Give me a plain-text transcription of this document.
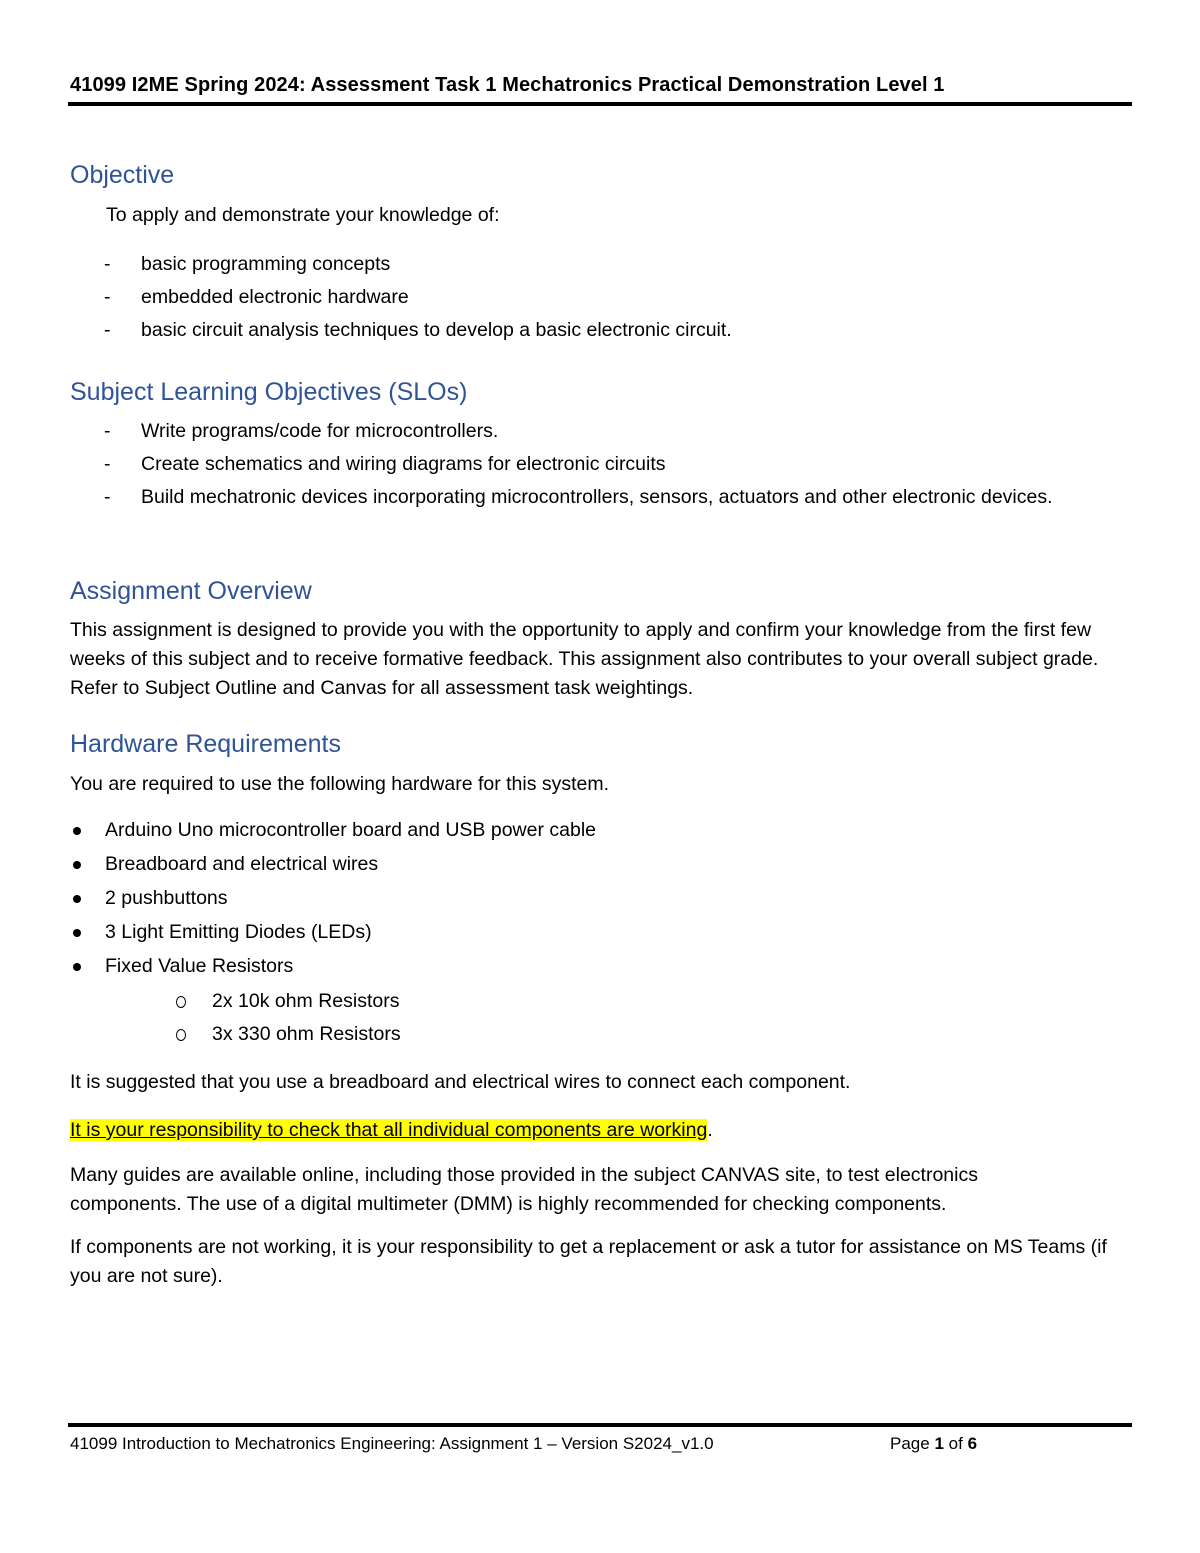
41099 I2ME Spring 2024: Assessment Task 1 Mechatronics Practical Demonstration Level 1
Objective

To apply and demonstrate your knowledge of:

- basic programming concepts
- embedded electronic hardware
- basic circuit analysis techniques to develop a basic electronic circuit.
Subject Learning Objectives (SLOs)
- Write programs/code for microcontrollers.
- Create schematics and wiring diagrams for electronic circuits
- Build mechatronic devices incorporating microcontrollers, sensors, actuators and other electronic devices.
Assignment Overview

This assignment is designed to provide you with the opportunity to apply and confirm your knowledge from the first few weeks of this subject and to receive formative feedback. This assignment also contributes to your overall subject grade. Refer to Subject Outline and Canvas for all assessment task weightings.

Hardware Requirements

You are required to use the following hardware for this system.

Arduino Uno microcontroller board and USB power cable
Breadboard and electrical wires
2 pushbuttons
3 Light Emitting Diodes (LEDs)
Fixed Value Resistors
2x 10k ohm Resistors
3x 330 ohm Resistors

It is suggested that you use a breadboard and electrical wires to connect each component.

It is your responsibility to check that all individual components are working.

Many guides are available online, including those provided in the subject CANVAS site, to test electronics components. The use of a digital multimeter (DMM) is highly recommended for checking components.

If components are not working, it is your responsibility to get a replacement or ask a tutor for assistance on MS Teams (if you are not sure).

41099 Introduction to Mechatronics Engineering: Assignment 1 – Version S2024_v1.0	Page 1 of 6
